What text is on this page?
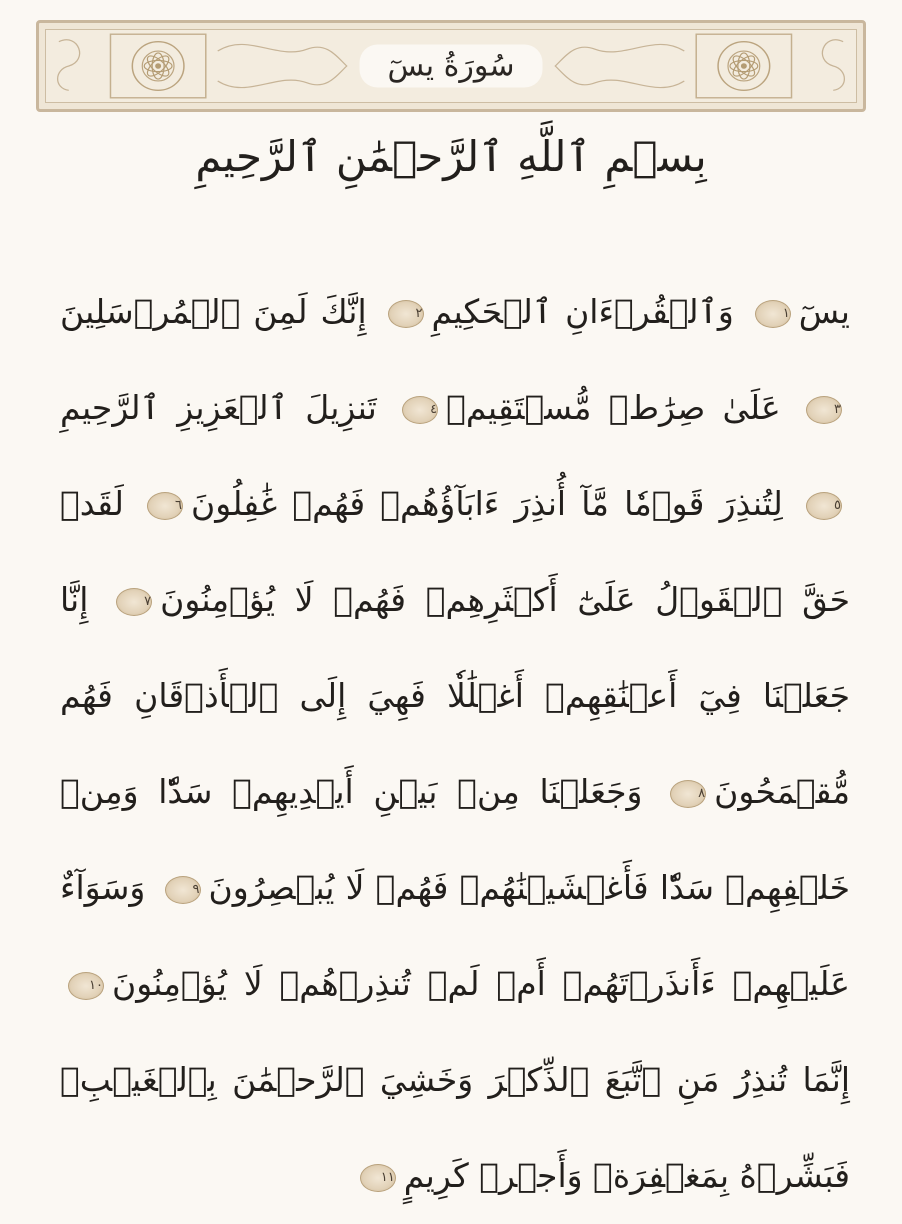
سُورَةُ يسٓ
بِسۡمِ ٱللَّهِ ٱلرَّحۡمَٰنِ ٱلرَّحِيمِ
يسٓ١ وَٱلۡقُرۡءَانِ ٱلۡحَكِيمِ٢ إِنَّكَ لَمِنَ ٱلۡمُرۡسَلِينَ٣ عَلَىٰ صِرَٰطٖ مُّسۡتَقِيمٖ٤ تَنزِيلَ ٱلۡعَزِيزِ ٱلرَّحِيمِ٥ لِتُنذِرَ قَوۡمٗا مَّآ أُنذِرَ ءَابَآؤُهُمۡ فَهُمۡ غَٰفِلُونَ٦ لَقَدۡ حَقَّ ٱلۡقَوۡلُ عَلَىٰٓ أَكۡثَرِهِمۡ فَهُمۡ لَا يُؤۡمِنُونَ٧ إِنَّا جَعَلۡنَا فِيٓ أَعۡنَٰقِهِمۡ أَغۡلَٰلٗا فَهِيَ إِلَى ٱلۡأَذۡقَانِ فَهُم مُّقۡمَحُونَ٨ وَجَعَلۡنَا مِنۢ بَيۡنِ أَيۡدِيهِمۡ سَدّٗا وَمِنۡ خَلۡفِهِمۡ سَدّٗا فَأَغۡشَيۡنَٰهُمۡ فَهُمۡ لَا يُبۡصِرُونَ٩ وَسَوَآءٌ عَلَيۡهِمۡ ءَأَنذَرۡتَهُمۡ أَمۡ لَمۡ تُنذِرۡهُمۡ لَا يُؤۡمِنُونَ١٠ إِنَّمَا تُنذِرُ مَنِ ٱتَّبَعَ ٱلذِّكۡرَ وَخَشِيَ ٱلرَّحۡمَٰنَ بِٱلۡغَيۡبِۖ فَبَشِّرۡهُ بِمَغۡفِرَةٖ وَأَجۡرٖ كَرِيمٍ١١
